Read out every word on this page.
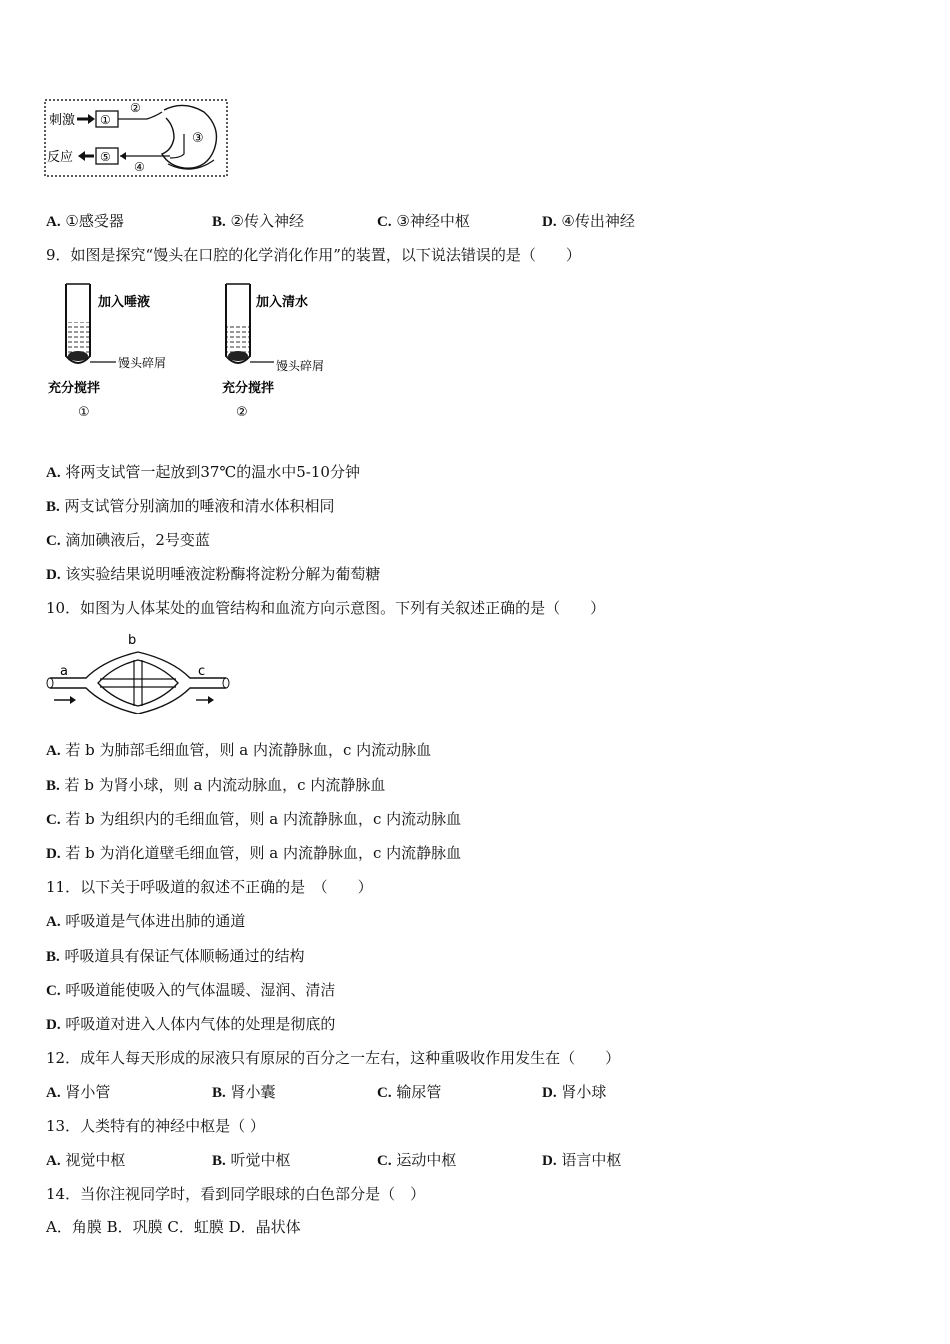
刺激 ①
②
③
反应 ⑤
④
A. ①感受器	B. ②传入神经	C. ③神经中枢	D. ④传出神经
9．如图是探究“馒头在口腔的化学消化作用”的装置，以下说法错误的是（　　）
加入唾液
馒头碎屑
充分搅拌
①
加入清水
馒头碎屑
充分搅拌
②
A. 将两支试管一起放到37℃的温水中5-10分钟
B. 两支试管分别滴加的唾液和清水体积相同
C. 滴加碘液后，2号变蓝
D. 该实验结果说明唾液淀粉酶将淀粉分解为葡萄糖
10．如图为人体某处的血管结构和血流方向示意图。下列有关叙述正确的是（　　）
a
b
c
A. 若 b 为肺部毛细血管，则 a 内流静脉血，c 内流动脉血
B. 若 b 为肾小球，则 a 内流动脉血，c 内流静脉血
C. 若 b 为组织内的毛细血管，则 a 内流静脉血，c 内流动脉血
D. 若 b 为消化道壁毛细血管，则 a 内流静脉血，c 内流静脉血
11．以下关于呼吸道的叙述不正确的是　（　　）
A. 呼吸道是气体进出肺的通道
B. 呼吸道具有保证气体顺畅通过的结构
C. 呼吸道能使吸入的气体温暖、湿润、清洁
D. 呼吸道对进入人体内气体的处理是彻底的
12．成年人每天形成的尿液只有原尿的百分之一左右，这种重吸收作用发生在（　　）
A. 肾小管	B. 肾小囊	C. 输尿管	D. 肾小球
13．人类特有的神经中枢是（ ）
A. 视觉中枢	B. 听觉中枢	C. 运动中枢	D. 语言中枢
14．当你注视同学时，看到同学眼球的白色部分是（　）
A．角膜 B．巩膜 C．虹膜 D．晶状体
